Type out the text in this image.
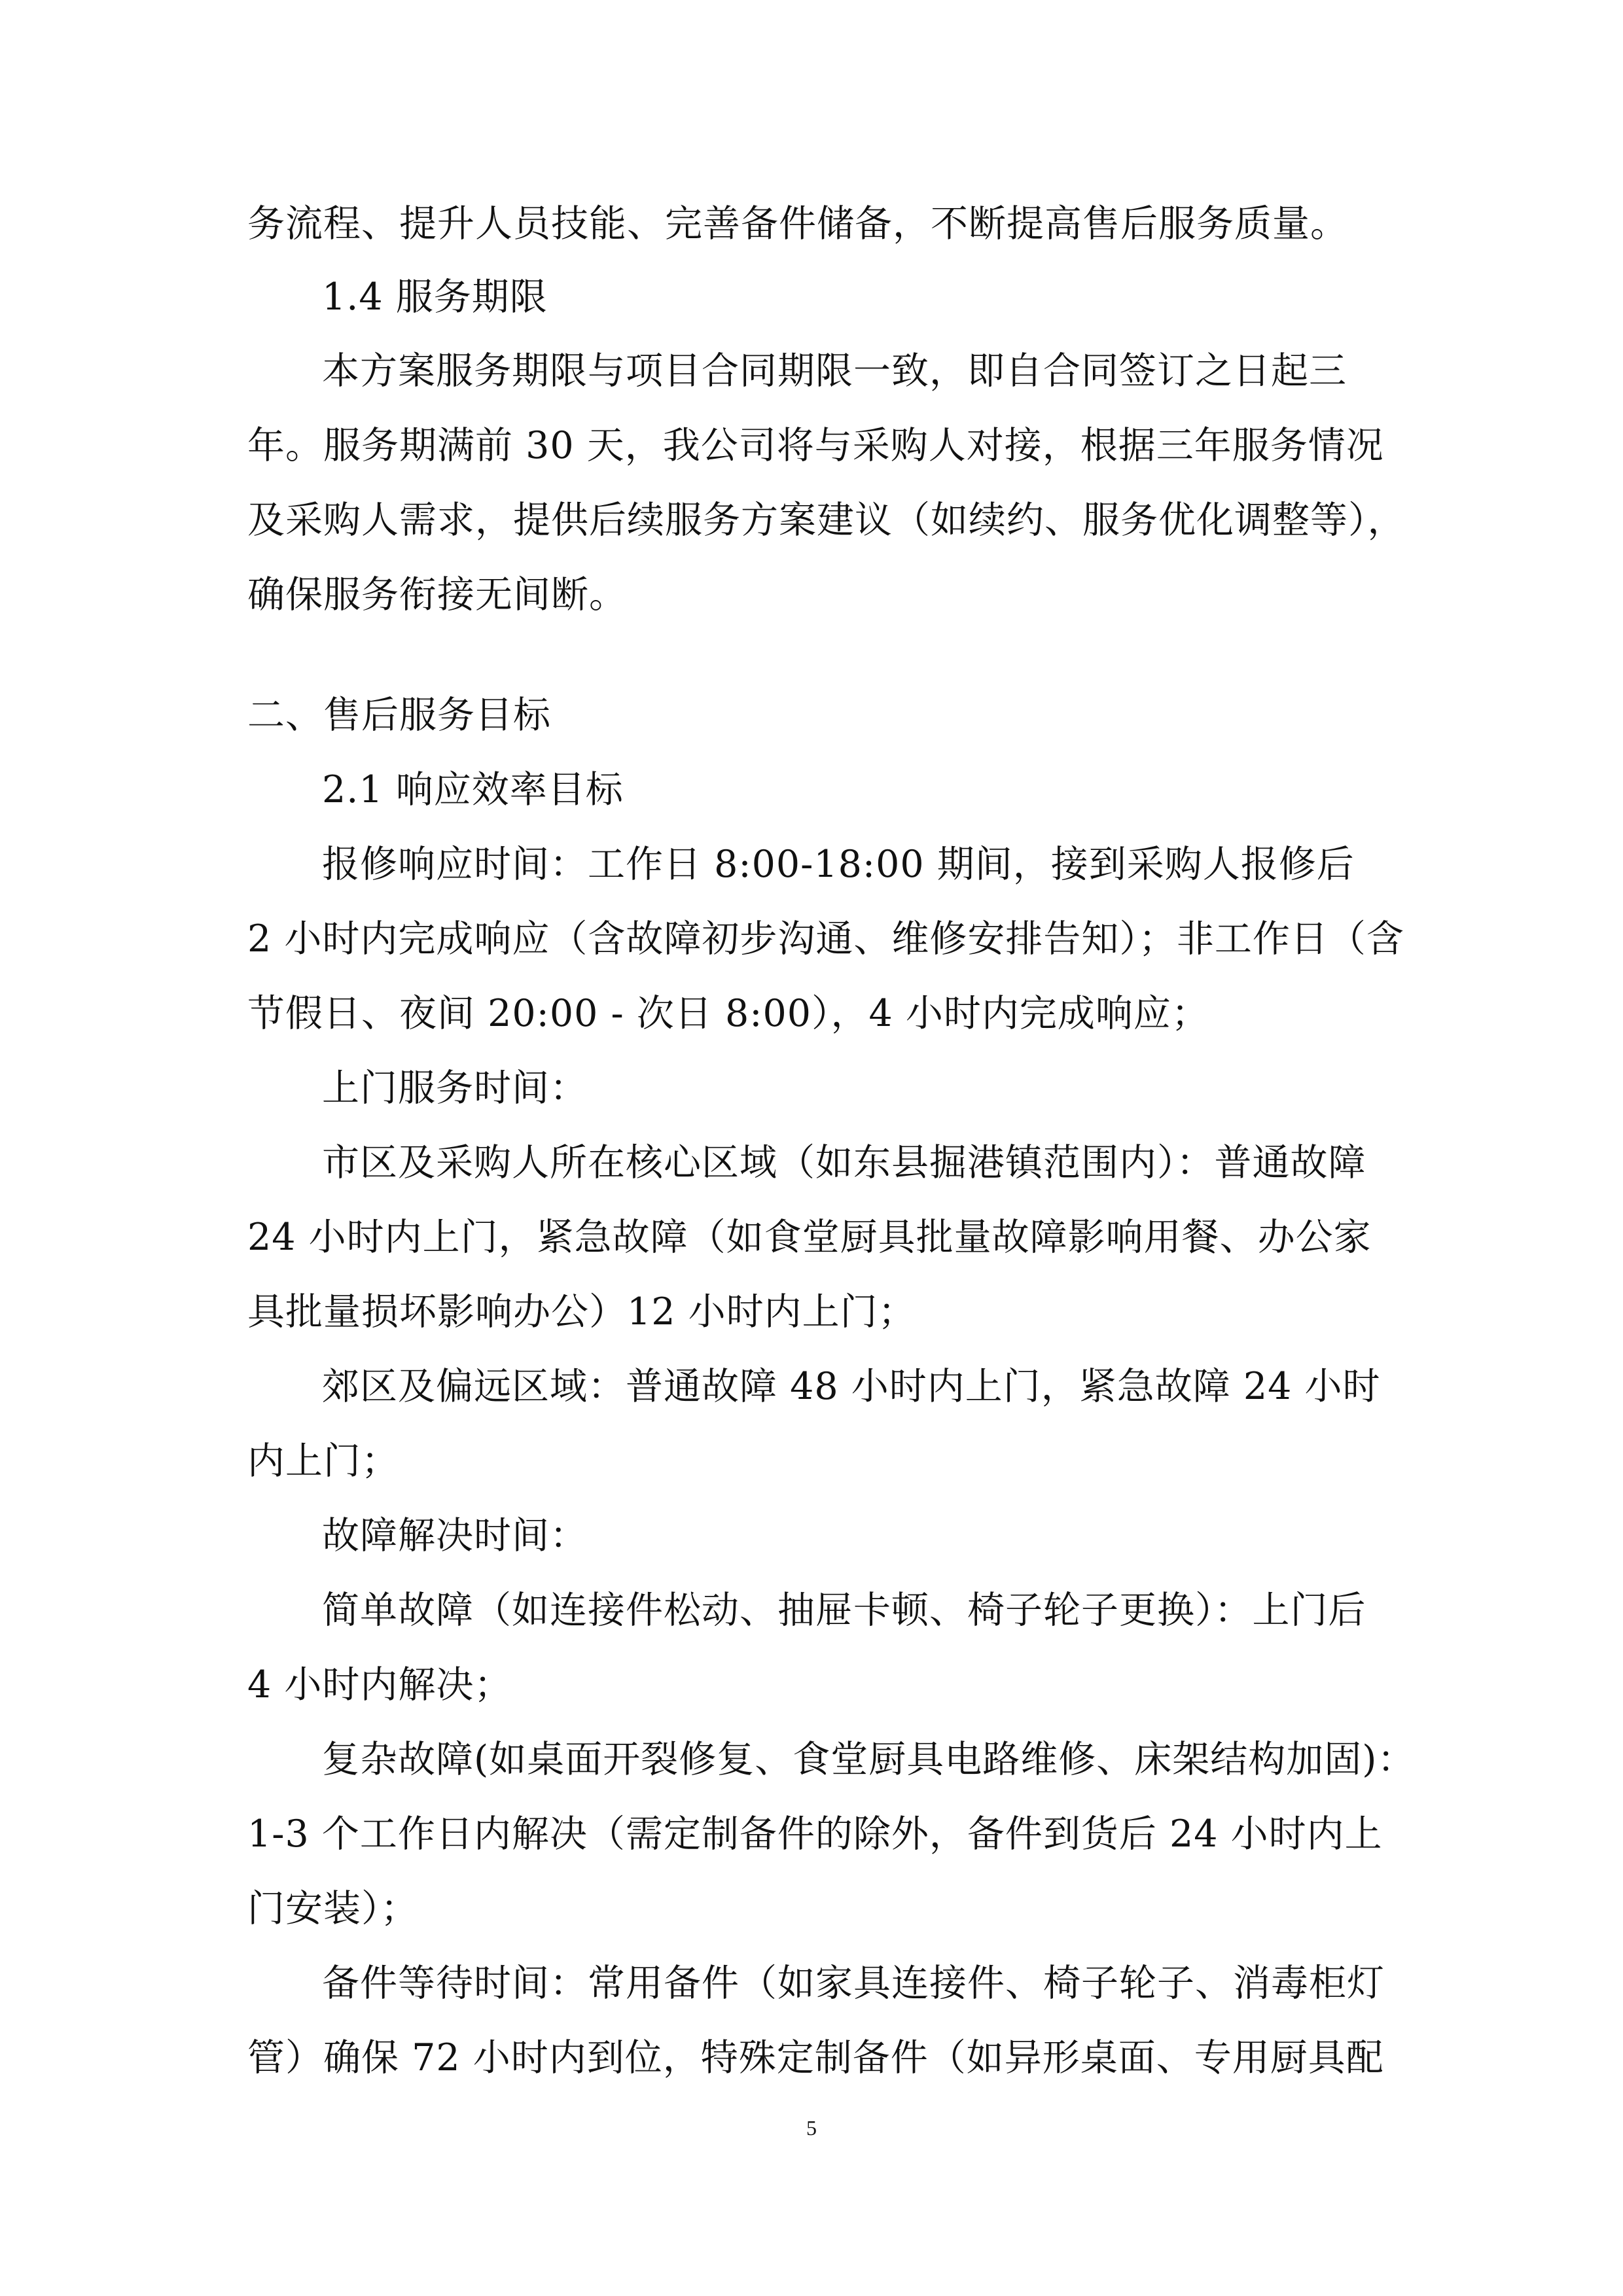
务流程、提升人员技能、完善备件储备，不断提高售后服务质量。
1.4 服务期限
本方案服务期限与项目合同期限一致，即自合同签订之日起三
年。服务期满前 30 天，我公司将与采购人对接，根据三年服务情况
及采购人需求，提供后续服务方案建议（如续约、服务优化调整等），
确保服务衔接无间断。
二、售后服务目标
2.1 响应效率目标
报修响应时间：工作日 8:00-18:00 期间，接到采购人报修后
2 小时内完成响应（含故障初步沟通、维修安排告知）；非工作日（含
节假日、夜间 20:00 - 次日 8:00），4 小时内完成响应；
上门服务时间：
市区及采购人所在核心区域（如东县掘港镇范围内）：普通故障
24 小时内上门，紧急故障（如食堂厨具批量故障影响用餐、办公家
具批量损坏影响办公）12 小时内上门；
郊区及偏远区域：普通故障 48 小时内上门，紧急故障 24 小时
内上门；
故障解决时间：
简单故障（如连接件松动、抽屉卡顿、椅子轮子更换）：上门后
4 小时内解决；
复杂故障(如桌面开裂修复、食堂厨具电路维修、床架结构加固)：
1-3 个工作日内解决（需定制备件的除外，备件到货后 24 小时内上
门安装）；
备件等待时间：常用备件（如家具连接件、椅子轮子、消毒柜灯
管）确保 72 小时内到位，特殊定制备件（如异形桌面、专用厨具配
5
